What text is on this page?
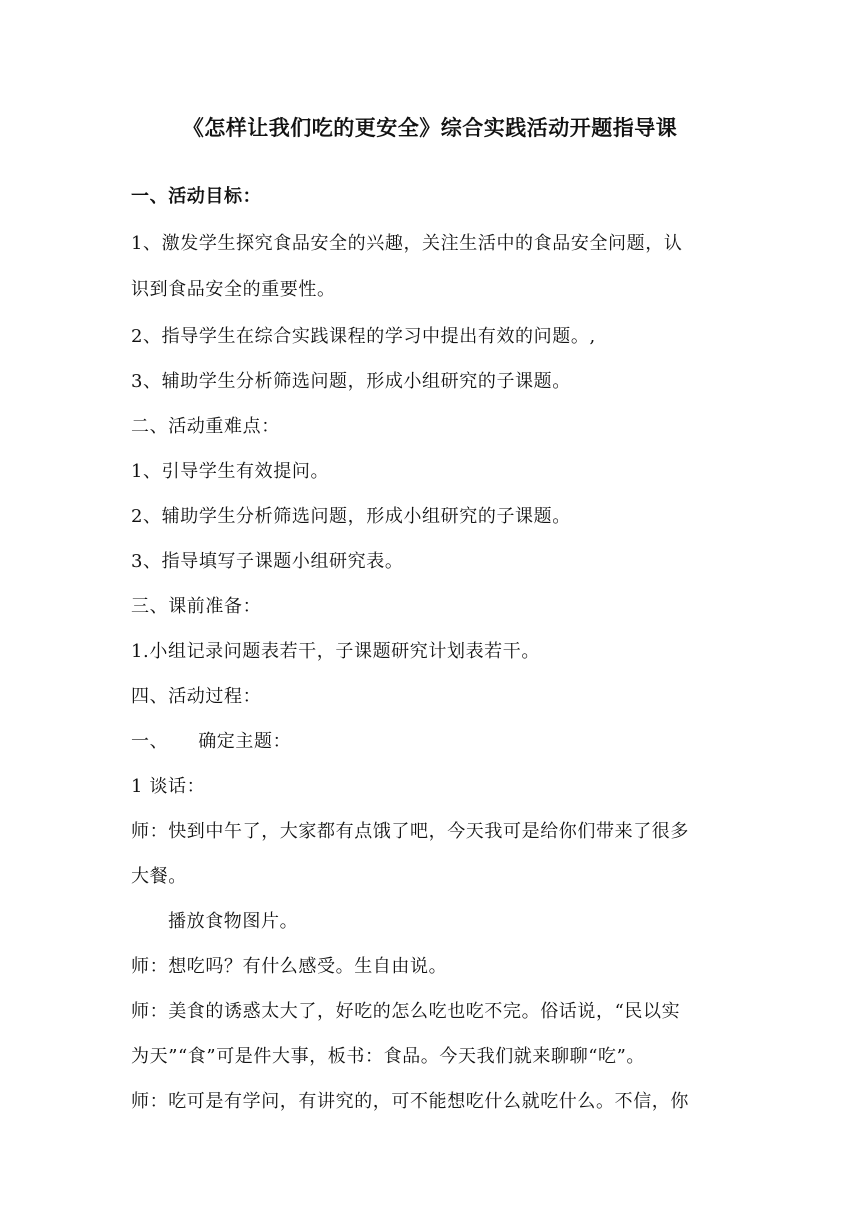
《怎样让我们吃的更安全》综合实践活动开题指导课
一、活动目标：
1、激发学生探究食品安全的兴趣，关注生活中的食品安全问题，认
识到食品安全的重要性。
2、指导学生在综合实践课程的学习中提出有效的问题。,
3、辅助学生分析筛选问题，形成小组研究的子课题。
二、活动重难点：
1、引导学生有效提问。
2、辅助学生分析筛选问题，形成小组研究的子课题。
3、指导填写子课题小组研究表。
三、课前准备：
1.小组记录问题表若干，子课题研究计划表若干。
四、活动过程：
一、 确定主题：
1 谈话：
师：快到中午了，大家都有点饿了吧，今天我可是给你们带来了很多
大餐。
播放食物图片。
师：想吃吗？有什么感受。生自由说。
师：美食的诱惑太大了，好吃的怎么吃也吃不完。俗话说，“民以实
为天”“食”可是件大事，板书：食品。今天我们就来聊聊“吃”。
师：吃可是有学问，有讲究的，可不能想吃什么就吃什么。不信，你
